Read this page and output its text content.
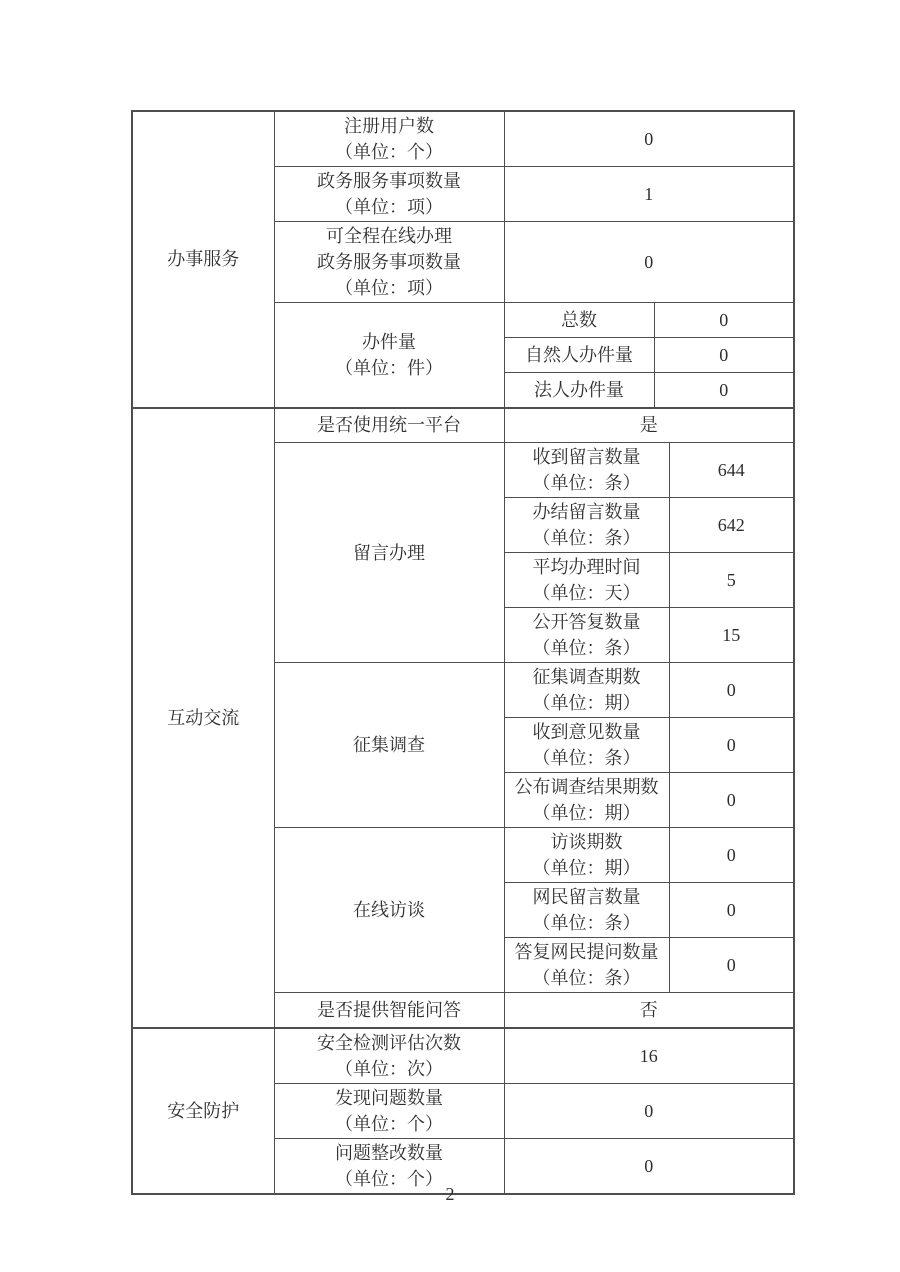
办事服务	注册用户数
（单位：个）	0		

	政务服务事项数量
（单位：项）	1		

	可全程在线办理
政务服务事项数量
（单位：项）	0		

	办件量
（单位：件）	总数	0	
		自然人办件量	0	
		法人办件量	0	
互动交流	是否使用统一平台	是		

	留言办理	收到留言数量
（单位：条）		644

		办结留言数量
（单位：条）		642

		平均办理时间
（单位：天）		5

		公开答复数量
（单位：条）		15

	征集调查	征集调查期数
（单位：期）		0

		收到意见数量
（单位：条）		0

		公布调查结果期数
（单位：期）		0

	在线访谈	访谈期数
（单位：期）		0

		网民留言数量
（单位：条）		0

		答复网民提问数量
（单位：条）		0

	是否提供智能问答	否		
安全防护	安全检测评估次数
（单位：次）	16		

	发现问题数量
（单位：个）	0		

	问题整改数量
（单位：个）	0		
2
